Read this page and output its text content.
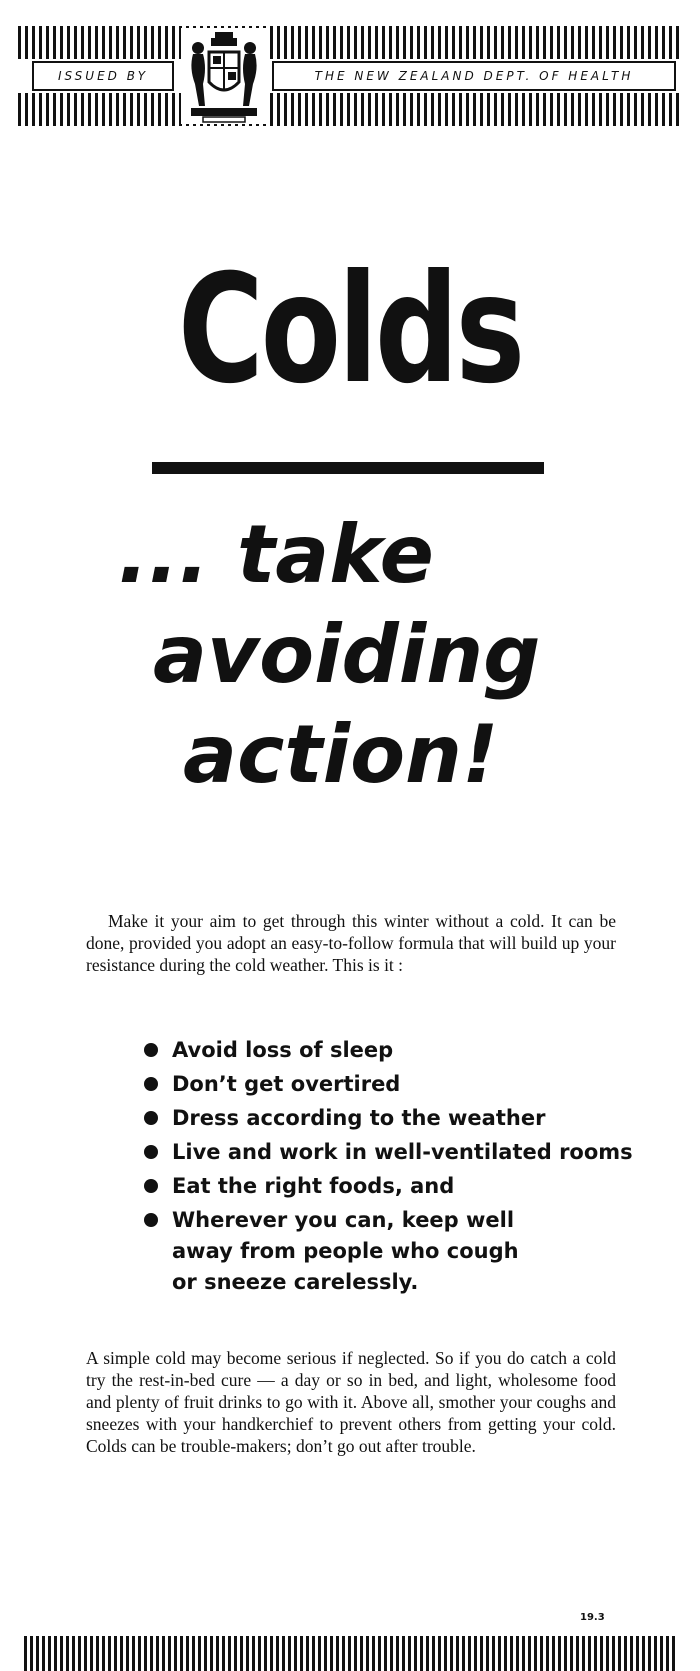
ISSUED BY	THE NEW ZEALAND DEPT. OF HEALTH
Colds
... take
avoiding
action!

Make it your aim to get through this winter without a cold. It can be done, provided you adopt an easy-to-follow formula that will build up your resistance during the cold weather. This is it :

Avoid loss of sleep
Don’t get overtired
Dress according to the weather
Live and work in well-ventilated rooms
Eat the right foods, and
Wherever you can, keep well
away from people who cough
or sneeze carelessly.

A simple cold may become serious if neglected. So if you do catch a cold try the rest-in-bed cure — a day or so in bed, and light, wholesome food and plenty of fruit drinks to go with it. Above all, smother your coughs and sneezes with your handkerchief to prevent others from getting your cold. Colds can be trouble-makers; don’t go out after trouble.

19.3
